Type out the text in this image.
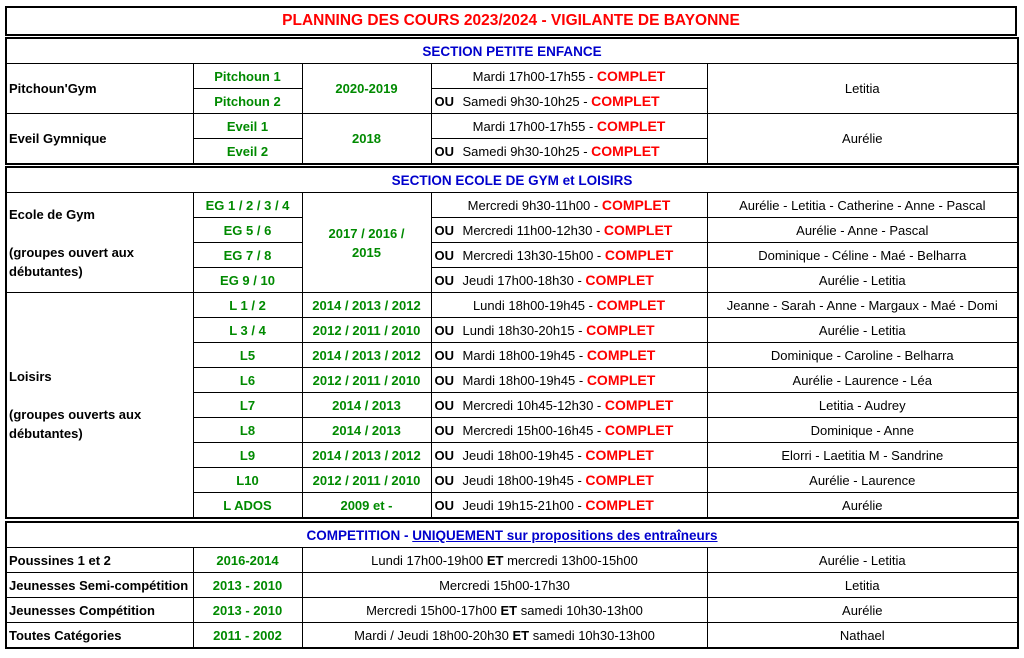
PLANNING DES COURS 2023/2024 - VIGILANTE DE BAYONNE
SECTION PETITE ENFANCE				
Pitchoun'Gym	Pitchoun 1	2020-2019	Mardi 17h00-17h55 - COMPLET	Letitia
	Pitchoun 2		OU Samedi 9h30-10h25 - COMPLET	
Eveil Gymnique	Eveil 1	2018	Mardi 17h00-17h55 - COMPLET	Aurélie
	Eveil 2		OU Samedi 9h30-10h25 - COMPLET	
SECTION ECOLE DE GYM et LOISIRS				
Ecole de Gym

(groupes ouvert aux débutantes)	EG 1 / 2 / 3 / 4	2017 / 2016 / 2015	Mercredi 9h30-11h00 - COMPLET	Aurélie - Letitia - Catherine - Anne - Pascal
	EG 5 / 6		OU Mercredi 11h00-12h30 - COMPLET	Aurélie - Anne - Pascal
	EG 7 / 8		OU Mercredi 13h30-15h00 - COMPLET	Dominique - Céline - Maé - Belharra
	EG 9 / 10		OU Jeudi 17h00-18h30 - COMPLET	Aurélie - Letitia
Loisirs

(groupes ouverts aux débutantes)	L 1 / 2	2014 / 2013 / 2012	Lundi 18h00-19h45 - COMPLET	Jeanne - Sarah - Anne - Margaux - Maé - Domi
	L 3 / 4	2012 / 2011 / 2010	OU Lundi 18h30-20h15 - COMPLET	Aurélie - Letitia
	L5	2014 / 2013 / 2012	OU Mardi 18h00-19h45 - COMPLET	Dominique - Caroline - Belharra
	L6	2012 / 2011 / 2010	OU Mardi 18h00-19h45 - COMPLET	Aurélie - Laurence - Léa
	L7	2014 / 2013	OU Mercredi 10h45-12h30 - COMPLET	Letitia - Audrey
	L8	2014 / 2013	OU Mercredi 15h00-16h45 - COMPLET	Dominique - Anne
	L9	2014 / 2013 / 2012	OU Jeudi 18h00-19h45 - COMPLET	Elorri - Laetitia M - Sandrine
	L10	2012 / 2011 / 2010	OU Jeudi 18h00-19h45 - COMPLET	Aurélie - Laurence
	L ADOS	2009 et -	OU Jeudi 19h15-21h00 - COMPLET	Aurélie
COMPETITION - UNIQUEMENT sur propositions des entraîneurs			
Poussines 1 et 2	2016-2014	Lundi 17h00-19h00 ET mercredi 13h00-15h00	Aurélie - Letitia
Jeunesses Semi-compétition	2013 - 2010	Mercredi 15h00-17h30	Letitia
Jeunesses Compétition	2013 - 2010	Mercredi 15h00-17h00 ET samedi 10h30-13h00	Aurélie
Toutes Catégories	2011 - 2002	Mardi / Jeudi 18h00-20h30 ET samedi 10h30-13h00	Nathael
